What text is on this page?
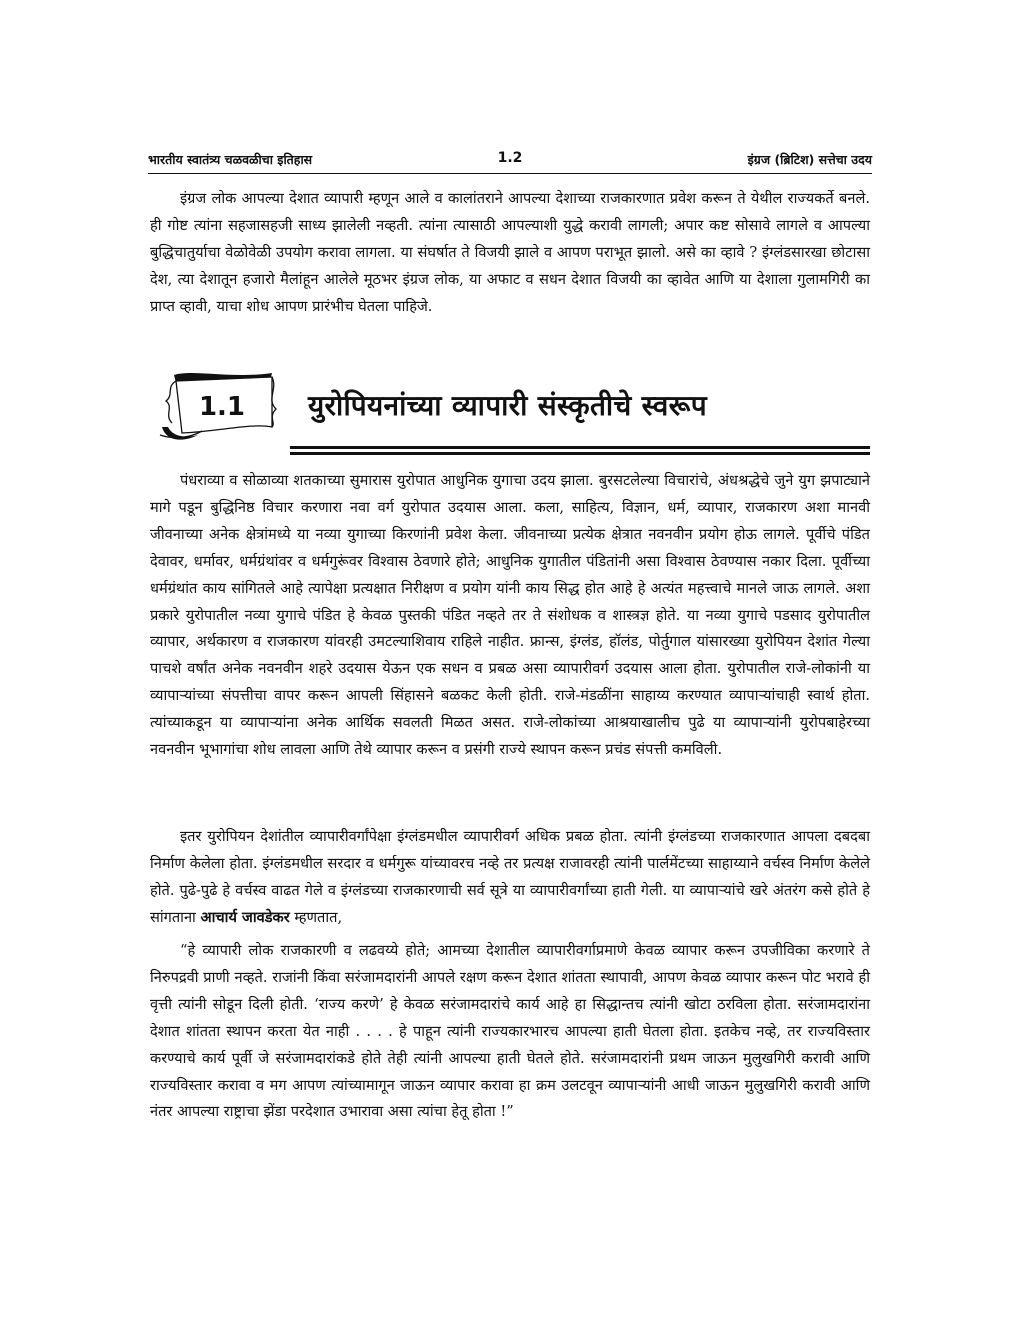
भारतीय स्वातंत्र्य चळवळीचा इतिहास	1.2	इंग्रज (ब्रिटिश) सत्तेचा उदय

इंग्रज लोक आपल्या देशात व्यापारी म्हणून आले व कालांतराने आपल्या देशाच्या राजकारणात प्रवेश करून ते येथील राज्यकर्ते बनले. ही गोष्ट त्यांना सहजासहजी साध्य झालेली नव्हती. त्यांना त्यासाठी आपल्याशी युद्धे करावी लागली; अपार कष्ट सोसावे लागले व आपल्या बुद्धिचातुर्याचा वेळोवेळी उपयोग करावा लागला. या संघर्षात ते विजयी झाले व आपण पराभूत झालो. असे का व्हावे ? इंग्लंडसारखा छोटासा देश, त्या देशातून हजारो मैलांहून आलेले मूठभर इंग्रज लोक, या अफाट व सधन देशात विजयी का व्हावेत आणि या देशाला गुलामगिरी का प्राप्त व्हावी, याचा शोध आपण प्रारंभीच घेतला पाहिजे.

1.1	युरोपियनांच्या व्यापारी संस्कृतीचे स्वरूप

पंधराव्या व सोळाव्या शतकाच्या सुमारास युरोपात आधुनिक युगाचा उदय झाला. बुरसटलेल्या विचारांचे, अंधश्रद्धेचे जुने युग झपाट्याने मागे पडून बुद्धिनिष्ठ विचार करणारा नवा वर्ग युरोपात उदयास आला. कला, साहित्य, विज्ञान, धर्म, व्यापार, राजकारण अशा मानवी जीवनाच्या अनेक क्षेत्रांमध्ये या नव्या युगाच्या किरणांनी प्रवेश केला. जीवनाच्या प्रत्येक क्षेत्रात नवनवीन प्रयोग होऊ लागले. पूर्वीचे पंडित देवावर, धर्मावर, धर्मग्रंथांवर व धर्मगुरूंवर विश्वास ठेवणारे होते; आधुनिक युगातील पंडितांनी असा विश्वास ठेवण्यास नकार दिला. पूर्वीच्या धर्मग्रंथांत काय सांगितले आहे त्यापेक्षा प्रत्यक्षात निरीक्षण व प्रयोग यांनी काय सिद्ध होत आहे हे अत्यंत महत्त्वाचे मानले जाऊ लागले. अशा प्रकारे युरोपातील नव्या युगाचे पंडित हे केवळ पुस्तकी पंडित नव्हते तर ते संशोधक व शास्त्रज्ञ होते. या नव्या युगाचे पडसाद युरोपातील व्यापार, अर्थकारण व राजकारण यांवरही उमटल्याशिवाय राहिले नाहीत. फ्रान्स, इंग्लंड, हॉलंड, पोर्तुगाल यांसारख्या युरोपियन देशांत गेल्या पाचशे वर्षांत अनेक नवनवीन शहरे उदयास येऊन एक सधन व प्रबळ असा व्यापारीवर्ग उदयास आला होता. युरोपातील राजे-लोकांनी या व्यापाऱ्यांच्या संपत्तीचा वापर करून आपली सिंहासने बळकट केली होती. राजे-मंडळींना साहाय्य करण्यात व्यापाऱ्यांचाही स्वार्थ होता. त्यांच्याकडून या व्यापाऱ्यांना अनेक आर्थिक सवलती मिळत असत. राजे-लोकांच्या आश्रयाखालीच पुढे या व्यापाऱ्यांनी युरोपबाहेरच्या नवनवीन भूभागांचा शोध लावला आणि तेथे व्यापार करून व प्रसंगी राज्ये स्थापन करून प्रचंड संपत्ती कमविली.

इतर युरोपियन देशांतील व्यापारीवर्गांपेक्षा इंग्लंडमधील व्यापारीवर्ग अधिक प्रबळ होता. त्यांनी इंग्लंडच्या राजकारणात आपला दबदबा निर्माण केलेला होता. इंग्लंडमधील सरदार व धर्मगुरू यांच्यावरच नव्हे तर प्रत्यक्ष राजावरही त्यांनी पार्लमेंटच्या साहाय्याने वर्चस्व निर्माण केलेले होते. पुढे-पुढे हे वर्चस्व वाढत गेले व इंग्लंडच्या राजकारणाची सर्व सूत्रे या व्यापारीवर्गांच्या हाती गेली. या व्यापाऱ्यांचे खरे अंतरंग कसे होते हे सांगताना आचार्य जावडेकर म्हणतात,

“हे व्यापारी लोक राजकारणी व लढवय्ये होते; आमच्या देशातील व्यापारीवर्गाप्रमाणे केवळ व्यापार करून उपजीविका करणारे ते निरुपद्रवी प्राणी नव्हते. राजांनी किंवा सरंजामदारांनी आपले रक्षण करून देशात शांतता स्थापावी, आपण केवळ व्यापार करून पोट भरावे ही वृत्ती त्यांनी सोडून दिली होती. ‘राज्य करणे’ हे केवळ सरंजामदारांचे कार्य आहे हा सिद्धान्तच त्यांनी खोटा ठरविला होता. सरंजामदारांना देशात शांतता स्थापन करता येत नाही . . . . हे पाहून त्यांनी राज्यकारभारच आपल्या हाती घेतला होता. इतकेच नव्हे, तर राज्यविस्तार करण्याचे कार्य पूर्वी जे सरंजामदारांकडे होते तेही त्यांनी आपल्या हाती घेतले होते. सरंजामदारांनी प्रथम जाऊन मुलुखगिरी करावी आणि राज्यविस्तार करावा व मग आपण त्यांच्यामागून जाऊन व्यापार करावा हा क्रम उलटवून व्यापाऱ्यांनी आधी जाऊन मुलुखगिरी करावी आणि नंतर आपल्या राष्ट्राचा झेंडा परदेशात उभारावा असा त्यांचा हेतू होता !”
